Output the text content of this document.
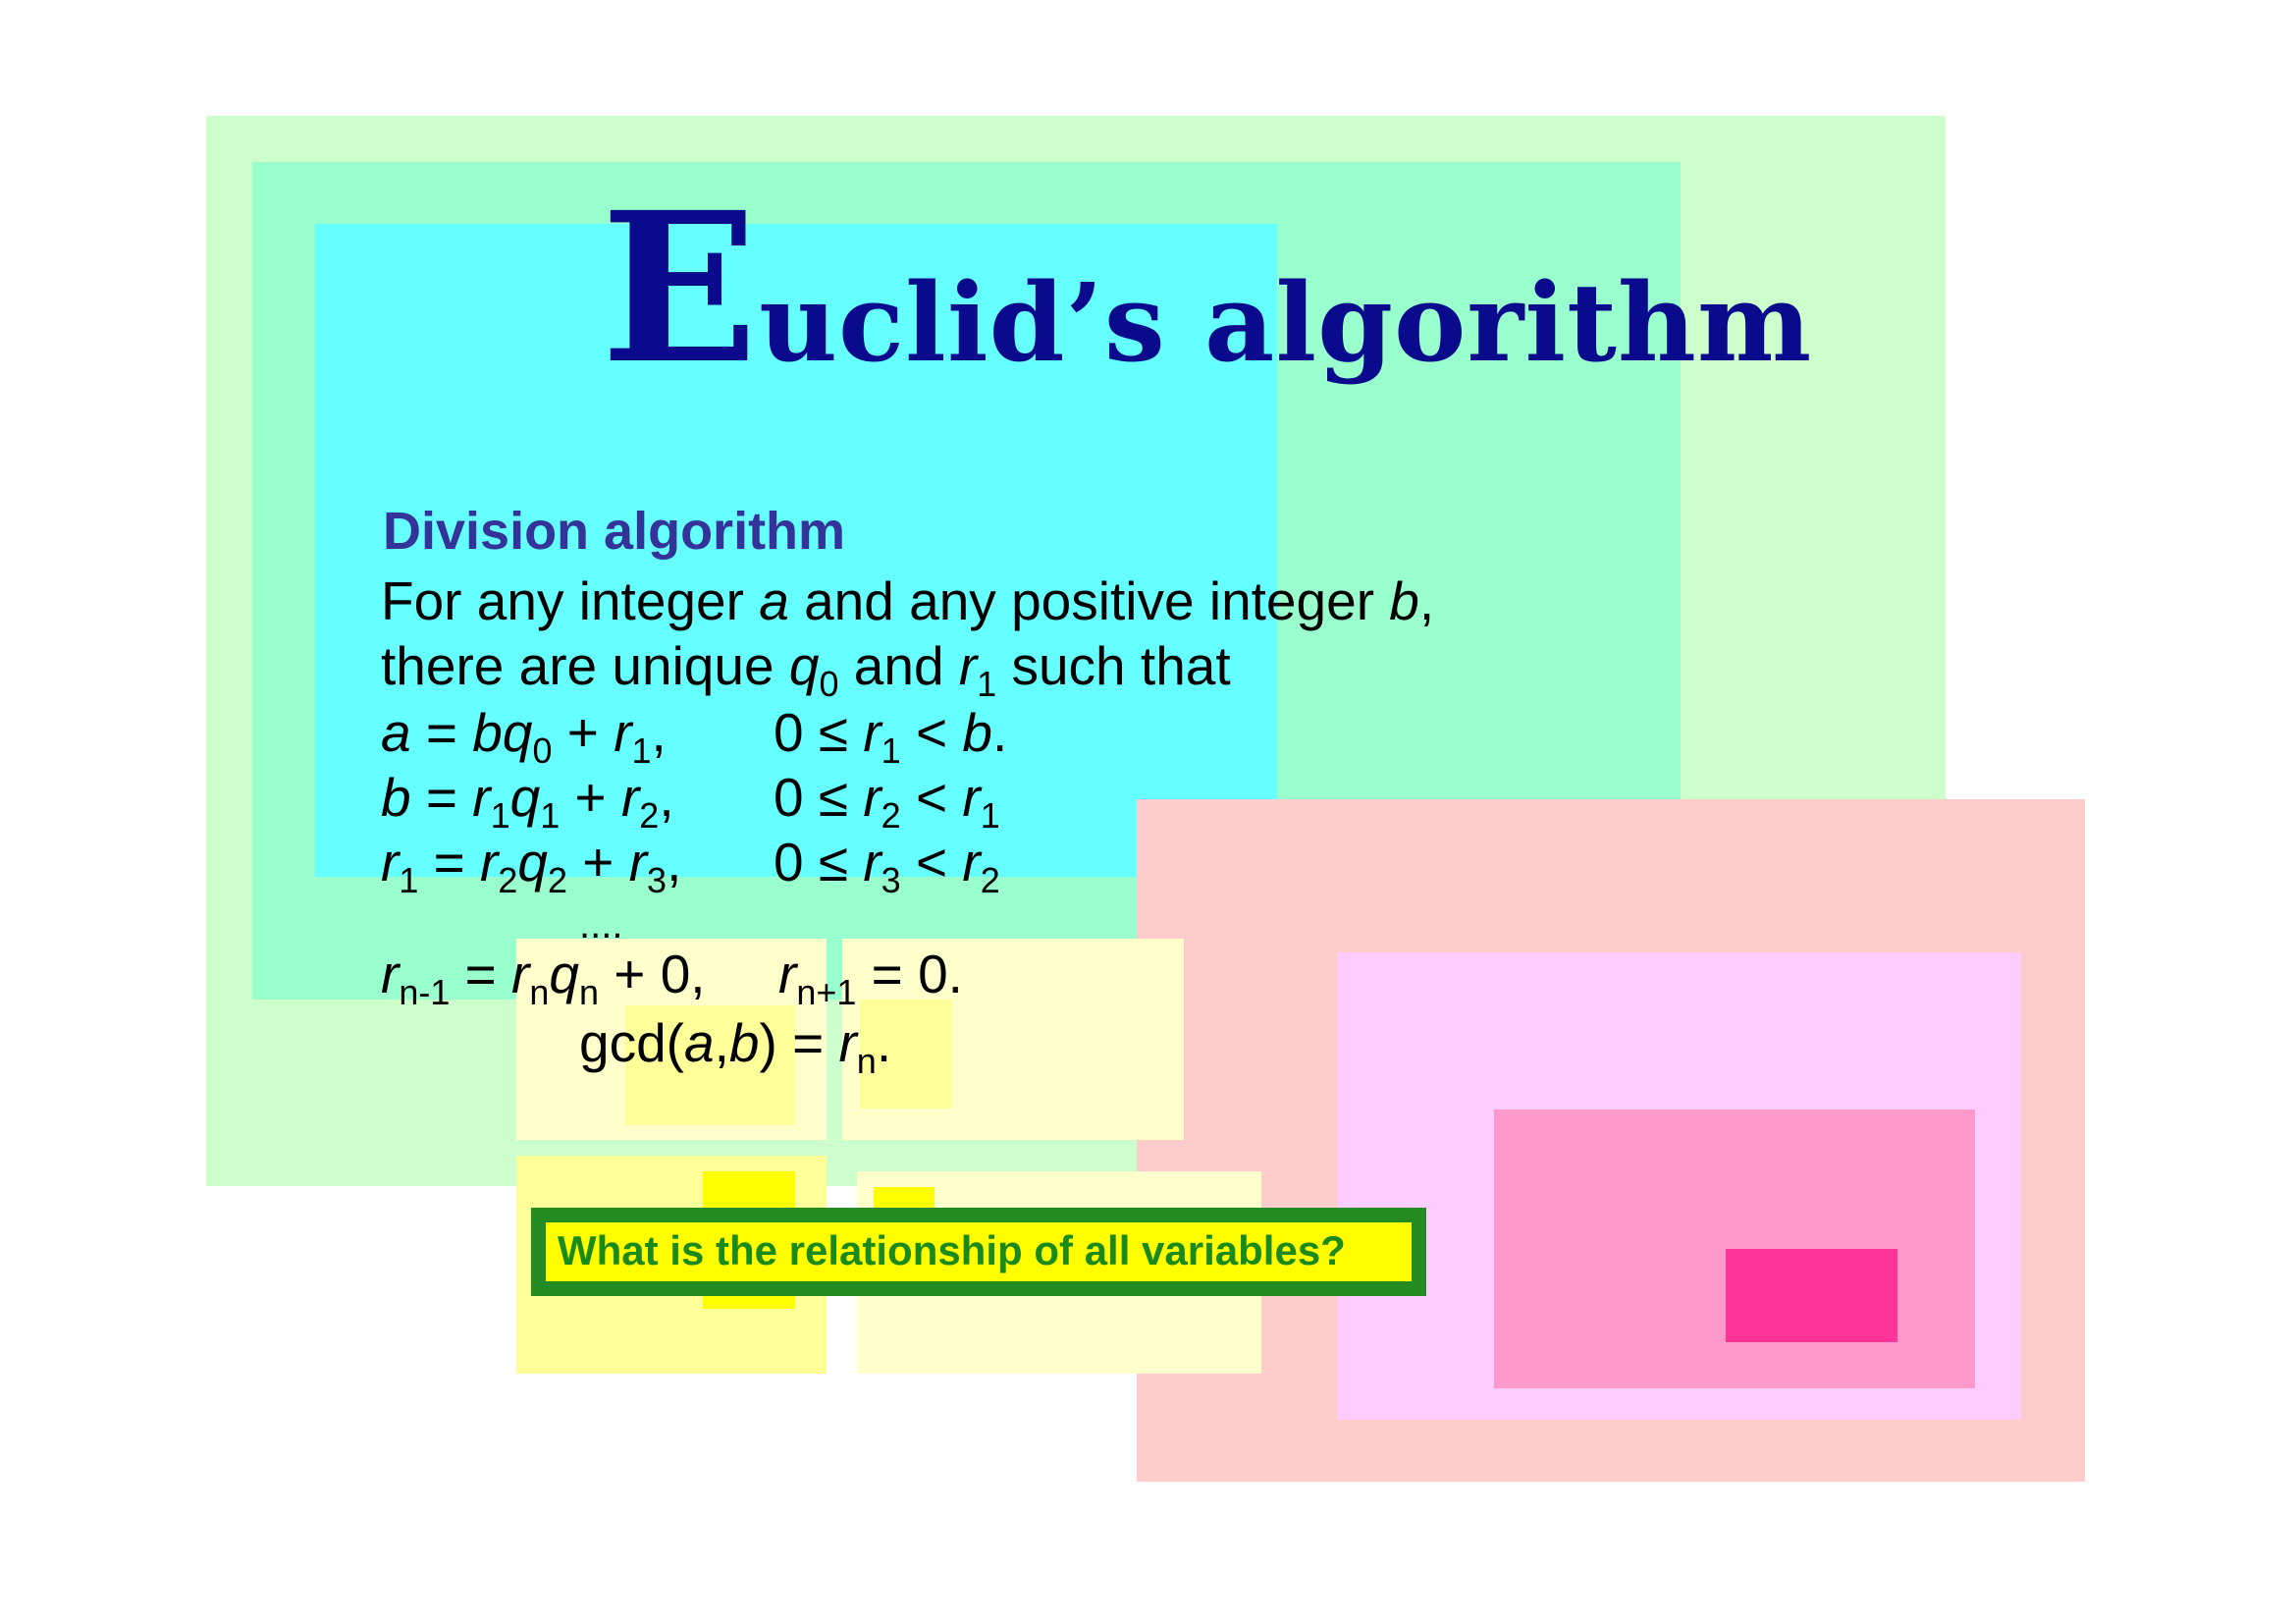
Euclid’s algorithm
Division algorithm
For any integer a and any positive integer b,
there are unique $q_0$ and $r_1$ such that
$a = bq_0 + r_1$, $0 \le r_1 < b$.
$b = r_1q_1 + r_2$, $0 \le r_2 < r_1$
$r_1 = r_2q_2 + r_3$, $0 \le r_3 < r_2$
....
$r_{n-1} = r_nq_n + 0$, $r_{n+1} = 0$.
$\gcd(a,b) = r_n$.
What is the relationship of all variables?
